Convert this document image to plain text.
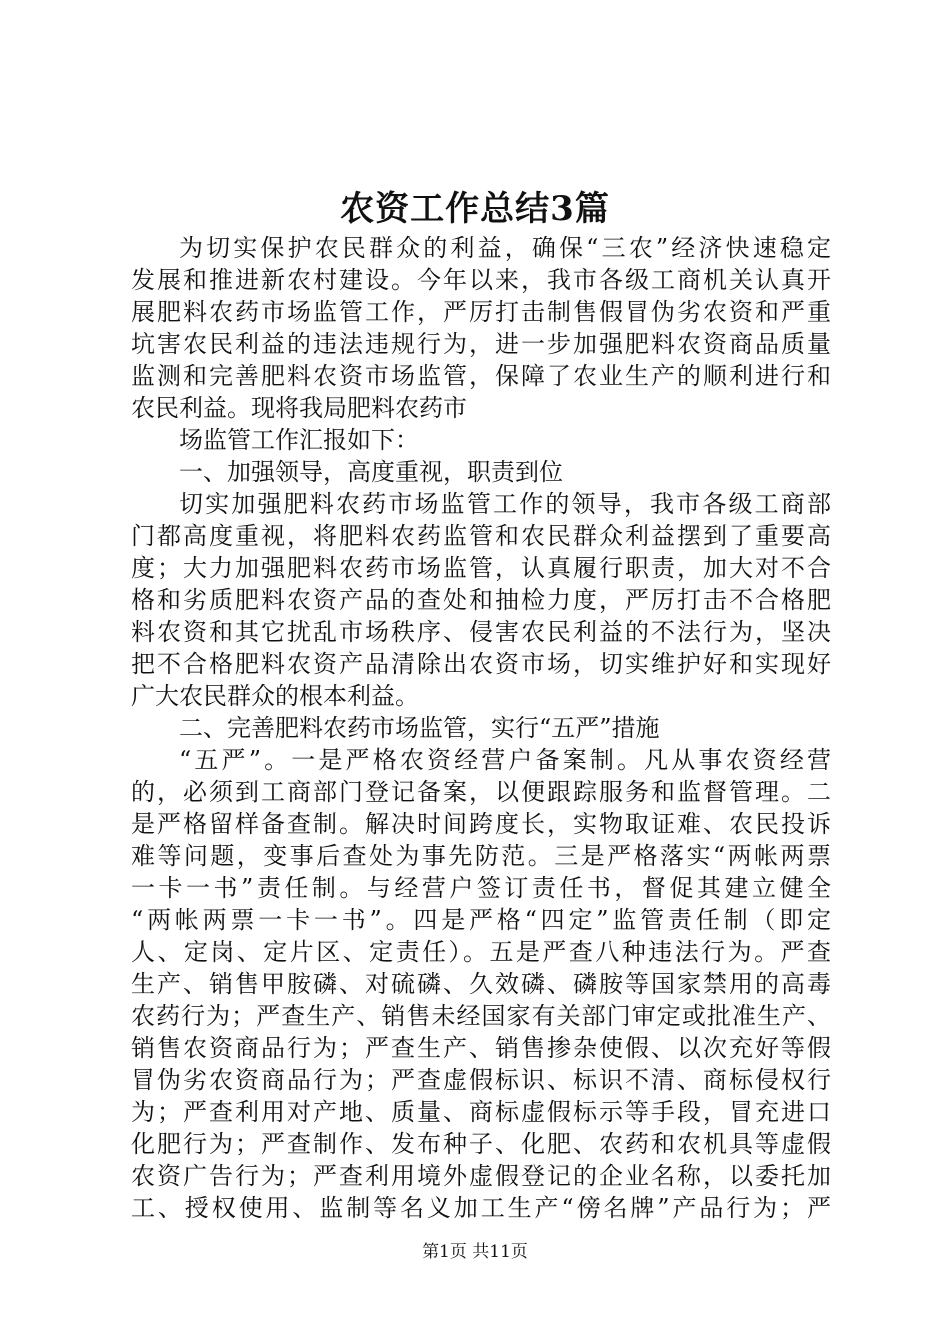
农资工作总结3篇
为切实保护农民群众的利益，确保“三农”经济快速稳定
发展和推进新农村建设。今年以来，我市各级工商机关认真开
展肥料农药市场监管工作，严厉打击制售假冒伪劣农资和严重
坑害农民利益的违法违规行为，进一步加强肥料农资商品质量
监测和完善肥料农资市场监管，保障了农业生产的顺利进行和
农民利益。现将我局肥料农药市
场监管工作汇报如下：
一、加强领导，高度重视，职责到位
切实加强肥料农药市场监管工作的领导，我市各级工商部
门都高度重视，将肥料农药监管和农民群众利益摆到了重要高
度；大力加强肥料农药市场监管，认真履行职责，加大对不合
格和劣质肥料农资产品的查处和抽检力度，严厉打击不合格肥
料农资和其它扰乱市场秩序、侵害农民利益的不法行为，坚决
把不合格肥料农资产品清除出农资市场，切实维护好和实现好
广大农民群众的根本利益。
二、完善肥料农药市场监管，实行“五严”措施
“五严”。一是严格农资经营户备案制。凡从事农资经营
的，必须到工商部门登记备案，以便跟踪服务和监督管理。二
是严格留样备查制。解决时间跨度长，实物取证难、农民投诉
难等问题，变事后查处为事先防范。三是严格落实“两帐两票
一卡一书”责任制。与经营户签订责任书，督促其建立健全
“两帐两票一卡一书”。四是严格“四定”监管责任制（即定
人、定岗、定片区、定责任）。五是严查八种违法行为。严查
生产、销售甲胺磷、对硫磷、久效磷、磷胺等国家禁用的高毒
农药行为；严查生产、销售未经国家有关部门审定或批准生产、
销售农资商品行为；严查生产、销售掺杂使假、以次充好等假
冒伪劣农资商品行为；严查虚假标识、标识不清、商标侵权行
为；严查利用对产地、质量、商标虚假标示等手段，冒充进口
化肥行为；严查制作、发布种子、化肥、农药和农机具等虚假
农资广告行为；严查利用境外虚假登记的企业名称，以委托加
工、授权使用、监制等名义加工生产“傍名牌”产品行为；严
第1页 共11页
